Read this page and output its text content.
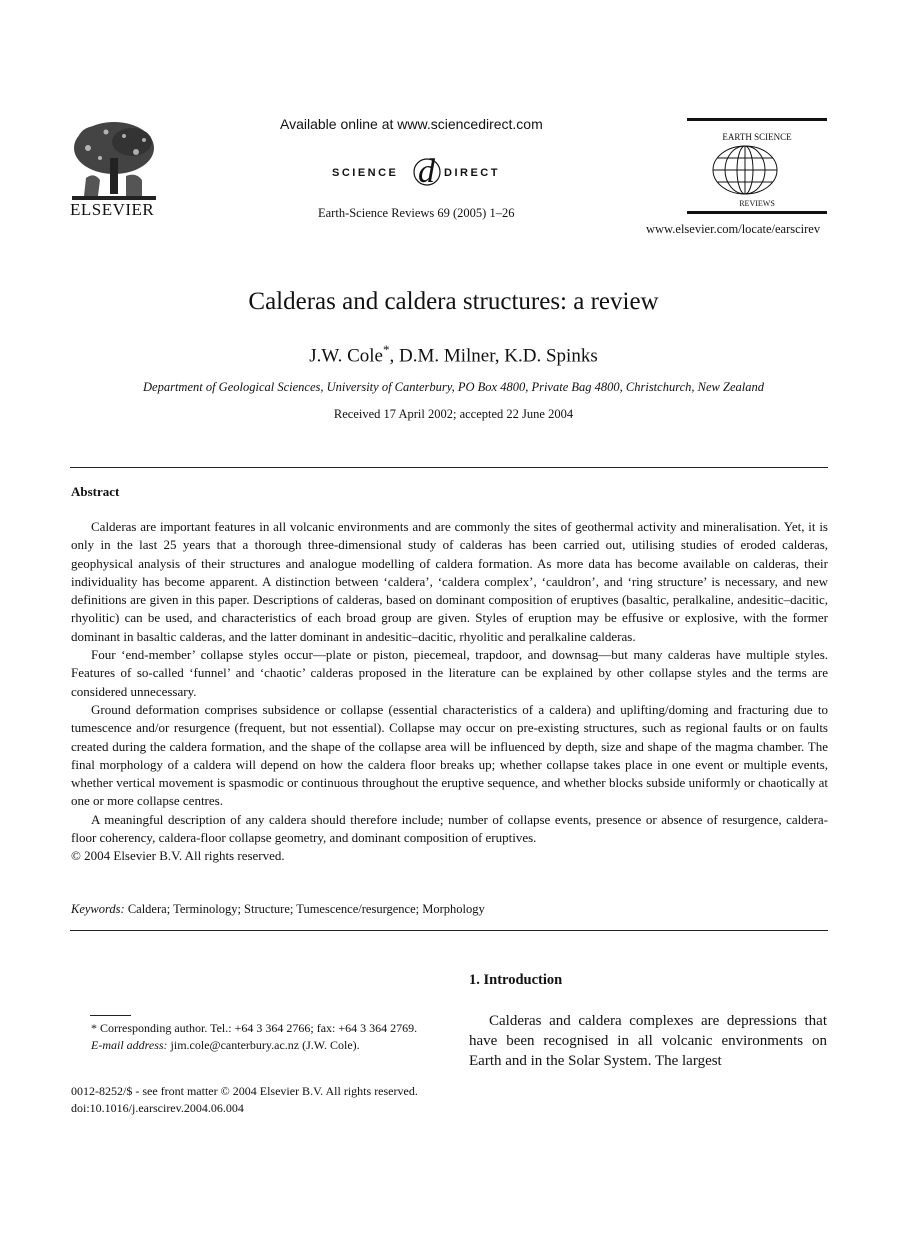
ELSEVIER
Available online at www.sciencedirect.com
SCIENCE d DIRECT
Earth-Science Reviews 69 (2005) 1–26
EARTH SCIENCE
REVIEWS
www.elsevier.com/locate/earscirev
Calderas and caldera structures: a review
J.W. Cole*, D.M. Milner, K.D. Spinks
Department of Geological Sciences, University of Canterbury, PO Box 4800, Private Bag 4800, Christchurch, New Zealand
Received 17 April 2002; accepted 22 June 2004
Abstract

Calderas are important features in all volcanic environments and are commonly the sites of geothermal activity and mineralisation. Yet, it is only in the last 25 years that a thorough three-dimensional study of calderas has been carried out, utilising studies of eroded calderas, geophysical analysis of their structures and analogue modelling of caldera formation. As more data has become available on calderas, their individuality has become apparent. A distinction between ‘caldera’, ‘caldera complex’, ‘cauldron’, and ‘ring structure’ is necessary, and new definitions are given in this paper. Descriptions of calderas, based on dominant composition of eruptives (basaltic, peralkaline, andesitic–dacitic, rhyolitic) can be used, and characteristics of each broad group are given. Styles of eruption may be effusive or explosive, with the former dominant in basaltic calderas, and the latter dominant in andesitic–dacitic, rhyolitic and peralkaline calderas.

Four ‘end-member’ collapse styles occur—plate or piston, piecemeal, trapdoor, and downsag—but many calderas have multiple styles. Features of so-called ‘funnel’ and ‘chaotic’ calderas proposed in the literature can be explained by other collapse styles and the terms are considered unnecessary.

Ground deformation comprises subsidence or collapse (essential characteristics of a caldera) and uplifting/doming and fracturing due to tumescence and/or resurgence (frequent, but not essential). Collapse may occur on pre-existing structures, such as regional faults or on faults created during the caldera formation, and the shape of the collapse area will be influenced by depth, size and shape of the magma chamber. The final morphology of a caldera will depend on how the caldera floor breaks up; whether collapse takes place in one event or multiple events, whether vertical movement is spasmodic or continuous throughout the eruptive sequence, and whether blocks subside uniformly or chaotically at one or more collapse centres.

A meaningful description of any caldera should therefore include; number of collapse events, presence or absence of resurgence, caldera-floor coherency, caldera-floor collapse geometry, and dominant composition of eruptives.

© 2004 Elsevier B.V. All rights reserved.

Keywords: Caldera; Terminology; Structure; Tumescence/resurgence; Morphology
1. Introduction

Calderas and caldera complexes are depressions that have been recognised in all volcanic environments on Earth and in the Solar System. The largest

* Corresponding author. Tel.: +64 3 364 2766; fax: +64 3 364 2769.
E-mail address: jim.cole@canterbury.ac.nz (J.W. Cole).
0012-8252/$ - see front matter © 2004 Elsevier B.V. All rights reserved.
doi:10.1016/j.earscirev.2004.06.004
